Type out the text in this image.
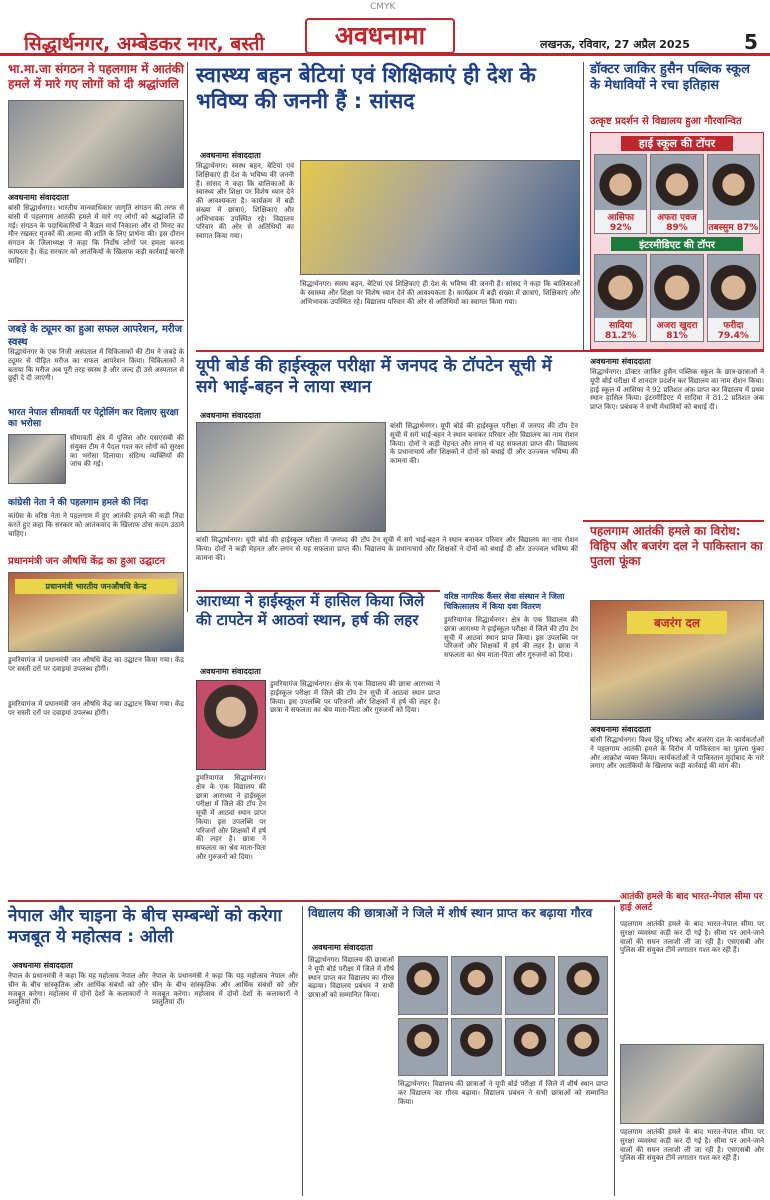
CMYK
सिद्धार्थनगर, अम्बेडकर नगर, बस्ती	अवधनामा	लखनऊ, रविवार, 27 अप्रैल 2025	5
भा.मा.जा संगठन ने पहलगाम में आतंकी हमले में मारे गए लोगों को दी श्रद्धांजलि
अवधनामा संवाददाता
बांसी सिद्धार्थनगर। भारतीय मानवाधिकार जागृति संगठन की तरफ से बांसी में पहलगाम आतंकी हमले में मारे गए लोगों को श्रद्धांजलि दी गई। संगठन के पदाधिकारियों ने कैंडल मार्च निकाला और दो मिनट का मौन रखकर मृतकों की आत्मा की शांति के लिए प्रार्थना की। इस दौरान संगठन के जिलाध्यक्ष ने कहा कि निर्दोष लोगों पर हमला करना कायरता है। केंद्र सरकार को आतंकियों के खिलाफ कड़ी कार्रवाई करनी चाहिए।
जबड़े के ट्यूमर का हुआ सफल आपरेशन, मरीज स्वस्थ
सिद्धार्थनगर के एक निजी अस्पताल में चिकित्सकों की टीम ने जबड़े के ट्यूमर से पीड़ित मरीज का सफल आपरेशन किया। चिकित्सकों ने बताया कि मरीज अब पूरी तरह स्वस्थ है और जल्द ही उसे अस्पताल से छुट्टी दे दी जाएगी।
भारत नेपाल सीमावर्ती पर पेट्रोलिंग कर दिलाए सुरक्षा का भरोसा
सीमावर्ती क्षेत्र में पुलिस और एसएसबी की संयुक्त टीम ने पैदल गश्त कर लोगों को सुरक्षा का भरोसा दिलाया। संदिग्ध व्यक्तियों की जांच की गई।
कांग्रेसी नेता ने की पहलगाम हमले की निंदा
कांग्रेस के वरिष्ठ नेता ने पहलगाम में हुए आतंकी हमले की कड़ी निंदा करते हुए कहा कि सरकार को आतंकवाद के खिलाफ ठोस कदम उठाने चाहिए।
प्रधानमंत्री जन औषधि केंद्र का हुआ उद्घाटन
प्रधानमंत्री भारतीय जनऔषधि केन्द्र
डुमरियागंज में प्रधानमंत्री जन औषधि केंद्र का उद्घाटन किया गया। केंद्र पर सस्ती दरों पर दवाइयां उपलब्ध होंगी।
स्वास्थ्य बहन बेटियां एवं शिक्षिकाएं ही देश के भविष्य की जननी हैं : सांसद
अवधनामा संवाददाता
सिद्धार्थनगर। स्वस्थ बहन, बेटियां एवं शिक्षिकाएं ही देश के भविष्य की जननी हैं। सांसद ने कहा कि बालिकाओं के स्वास्थ्य और शिक्षा पर विशेष ध्यान देने की आवश्यकता है। कार्यक्रम में बड़ी संख्या में छात्राएं, शिक्षिकाएं और अभिभावक उपस्थित रहे। विद्यालय परिवार की ओर से अतिथियों का स्वागत किया गया।
सिद्धार्थनगर। स्वस्थ बहन, बेटियां एवं शिक्षिकाएं ही देश के भविष्य की जननी हैं। सांसद ने कहा कि बालिकाओं के स्वास्थ्य और शिक्षा पर विशेष ध्यान देने की आवश्यकता है। कार्यक्रम में बड़ी संख्या में छात्राएं, शिक्षिकाएं और अभिभावक उपस्थित रहे। विद्यालय परिवार की ओर से अतिथियों का स्वागत किया गया।
डॉक्टर जाकिर हुसैन पब्लिक स्कूल के मेधावियों ने रचा इतिहास
उत्कृष्ट प्रदर्शन से विद्यालय हुआ गौरवान्वित
हाई स्कूल की टॉपर
आसिफा 92%
अफरा एवज 89%	तबस्सुम 87%
इंटरमीडिएट की टॉपर
सादिया 81.2%
अजरा खुदरा 81%
फरीदा 79.4%
यूपी बोर्ड की हाईस्कूल परीक्षा में जनपद के टॉपटेन सूची में सगे भाई-बहन ने लाया स्थान
अवधनामा संवाददाता
बांसी सिद्धार्थनगर। यूपी बोर्ड की हाईस्कूल परीक्षा में जनपद की टॉप टेन सूची में सगे भाई-बहन ने स्थान बनाकर परिवार और विद्यालय का नाम रोशन किया। दोनों ने कड़ी मेहनत और लगन से यह सफलता प्राप्त की। विद्यालय के प्रधानाचार्य और शिक्षकों ने दोनों को बधाई दी और उज्ज्वल भविष्य की कामना की।
बांसी सिद्धार्थनगर। यूपी बोर्ड की हाईस्कूल परीक्षा में जनपद की टॉप टेन सूची में सगे भाई-बहन ने स्थान बनाकर परिवार और विद्यालय का नाम रोशन किया। दोनों ने कड़ी मेहनत और लगन से यह सफलता प्राप्त की। विद्यालय के प्रधानाचार्य और शिक्षकों ने दोनों को बधाई दी और उज्ज्वल भविष्य की कामना की।
अवधनामा संवाददाता
सिद्धार्थनगर। डॉक्टर जाकिर हुसैन पब्लिक स्कूल के छात्र-छात्राओं ने यूपी बोर्ड परीक्षा में शानदार प्रदर्शन कर विद्यालय का नाम रोशन किया। हाई स्कूल में आसिफा ने 92 प्रतिशत अंक प्राप्त कर विद्यालय में प्रथम स्थान हासिल किया। इंटरमीडिएट में सादिया ने 81.2 प्रतिशत अंक प्राप्त किए। प्रबंधक ने सभी मेधावियों को बधाई दी।
पहलगाम आतंकी हमले का विरोध: विहिप और बजरंग दल ने पाकिस्तान का पुतला फूंका
वरिष्ठ नागरिक कैंसर सेवा संस्थान ने जिला चिकित्सालय में किया दवा वितरण
डुमरियागंज सिद्धार्थनगर। क्षेत्र के एक विद्यालय की छात्रा आराध्या ने हाईस्कूल परीक्षा में जिले की टॉप टेन सूची में आठवां स्थान प्राप्त किया। इस उपलब्धि पर परिजनों और शिक्षकों में हर्ष की लहर है। छात्रा ने सफलता का श्रेय माता-पिता और गुरुजनों को दिया।
बजरंग दल
अवधनामा संवाददाता
बांसी सिद्धार्थनगर। विश्व हिंदू परिषद और बजरंग दल के कार्यकर्ताओं ने पहलगाम आतंकी हमले के विरोध में पाकिस्तान का पुतला फूंका और आक्रोश व्यक्त किया। कार्यकर्ताओं ने पाकिस्तान मुर्दाबाद के नारे लगाए और आतंकियों के खिलाफ कड़ी कार्रवाई की मांग की।
आराध्या ने हाईस्कूल में हासिल किया जिले की टापटेन में आठवां स्थान, हर्ष की लहर
अवधनामा संवाददाता
डुमरियागंज सिद्धार्थनगर। क्षेत्र के एक विद्यालय की छात्रा आराध्या ने हाईस्कूल परीक्षा में जिले की टॉप टेन सूची में आठवां स्थान प्राप्त किया। इस उपलब्धि पर परिजनों और शिक्षकों में हर्ष की लहर है। छात्रा ने सफलता का श्रेय माता-पिता और गुरुजनों को दिया।
डुमरियागंज सिद्धार्थनगर। क्षेत्र के एक विद्यालय की छात्रा आराध्या ने हाईस्कूल परीक्षा में जिले की टॉप टेन सूची में आठवां स्थान प्राप्त किया। इस उपलब्धि पर परिजनों और शिक्षकों में हर्ष की लहर है। छात्रा ने सफलता का श्रेय माता-पिता और गुरुजनों को दिया।
डुमरियागंज में प्रधानमंत्री जन औषधि केंद्र का उद्घाटन किया गया। केंद्र पर सस्ती दरों पर दवाइयां उपलब्ध होंगी।
नेपाल और चाइना के बीच सम्बन्धों को करेगा मजबूत ये महोत्सव : ओली
अवधनामा संवाददाता
नेपाल के प्रधानमंत्री ने कहा कि यह महोत्सव नेपाल और चीन के बीच सांस्कृतिक और आर्थिक संबंधों को और मजबूत करेगा। महोत्सव में दोनों देशों के कलाकारों ने प्रस्तुतियां दीं।
नेपाल के प्रधानमंत्री ने कहा कि यह महोत्सव नेपाल और चीन के बीच सांस्कृतिक और आर्थिक संबंधों को और मजबूत करेगा। महोत्सव में दोनों देशों के कलाकारों ने प्रस्तुतियां दीं।
विद्यालय की छात्राओं ने जिले में शीर्ष स्थान प्राप्त कर बढ़ाया गौरव
अवधनामा संवाददाता
सिद्धार्थनगर। विद्यालय की छात्राओं ने यूपी बोर्ड परीक्षा में जिले में शीर्ष स्थान प्राप्त कर विद्यालय का गौरव बढ़ाया। विद्यालय प्रबंधन ने सभी छात्राओं को सम्मानित किया।
सिद्धार्थनगर। विद्यालय की छात्राओं ने यूपी बोर्ड परीक्षा में जिले में शीर्ष स्थान प्राप्त कर विद्यालय का गौरव बढ़ाया। विद्यालय प्रबंधन ने सभी छात्राओं को सम्मानित किया।
आतंकी हमले के बाद भारत-नेपाल सीमा पर हाई अलर्ट
पहलगाम आतंकी हमले के बाद भारत-नेपाल सीमा पर सुरक्षा व्यवस्था कड़ी कर दी गई है। सीमा पर आने-जाने वालों की सघन तलाशी ली जा रही है। एसएसबी और पुलिस की संयुक्त टीमें लगातार गश्त कर रही हैं।
पहलगाम आतंकी हमले के बाद भारत-नेपाल सीमा पर सुरक्षा व्यवस्था कड़ी कर दी गई है। सीमा पर आने-जाने वालों की सघन तलाशी ली जा रही है। एसएसबी और पुलिस की संयुक्त टीमें लगातार गश्त कर रही हैं।
